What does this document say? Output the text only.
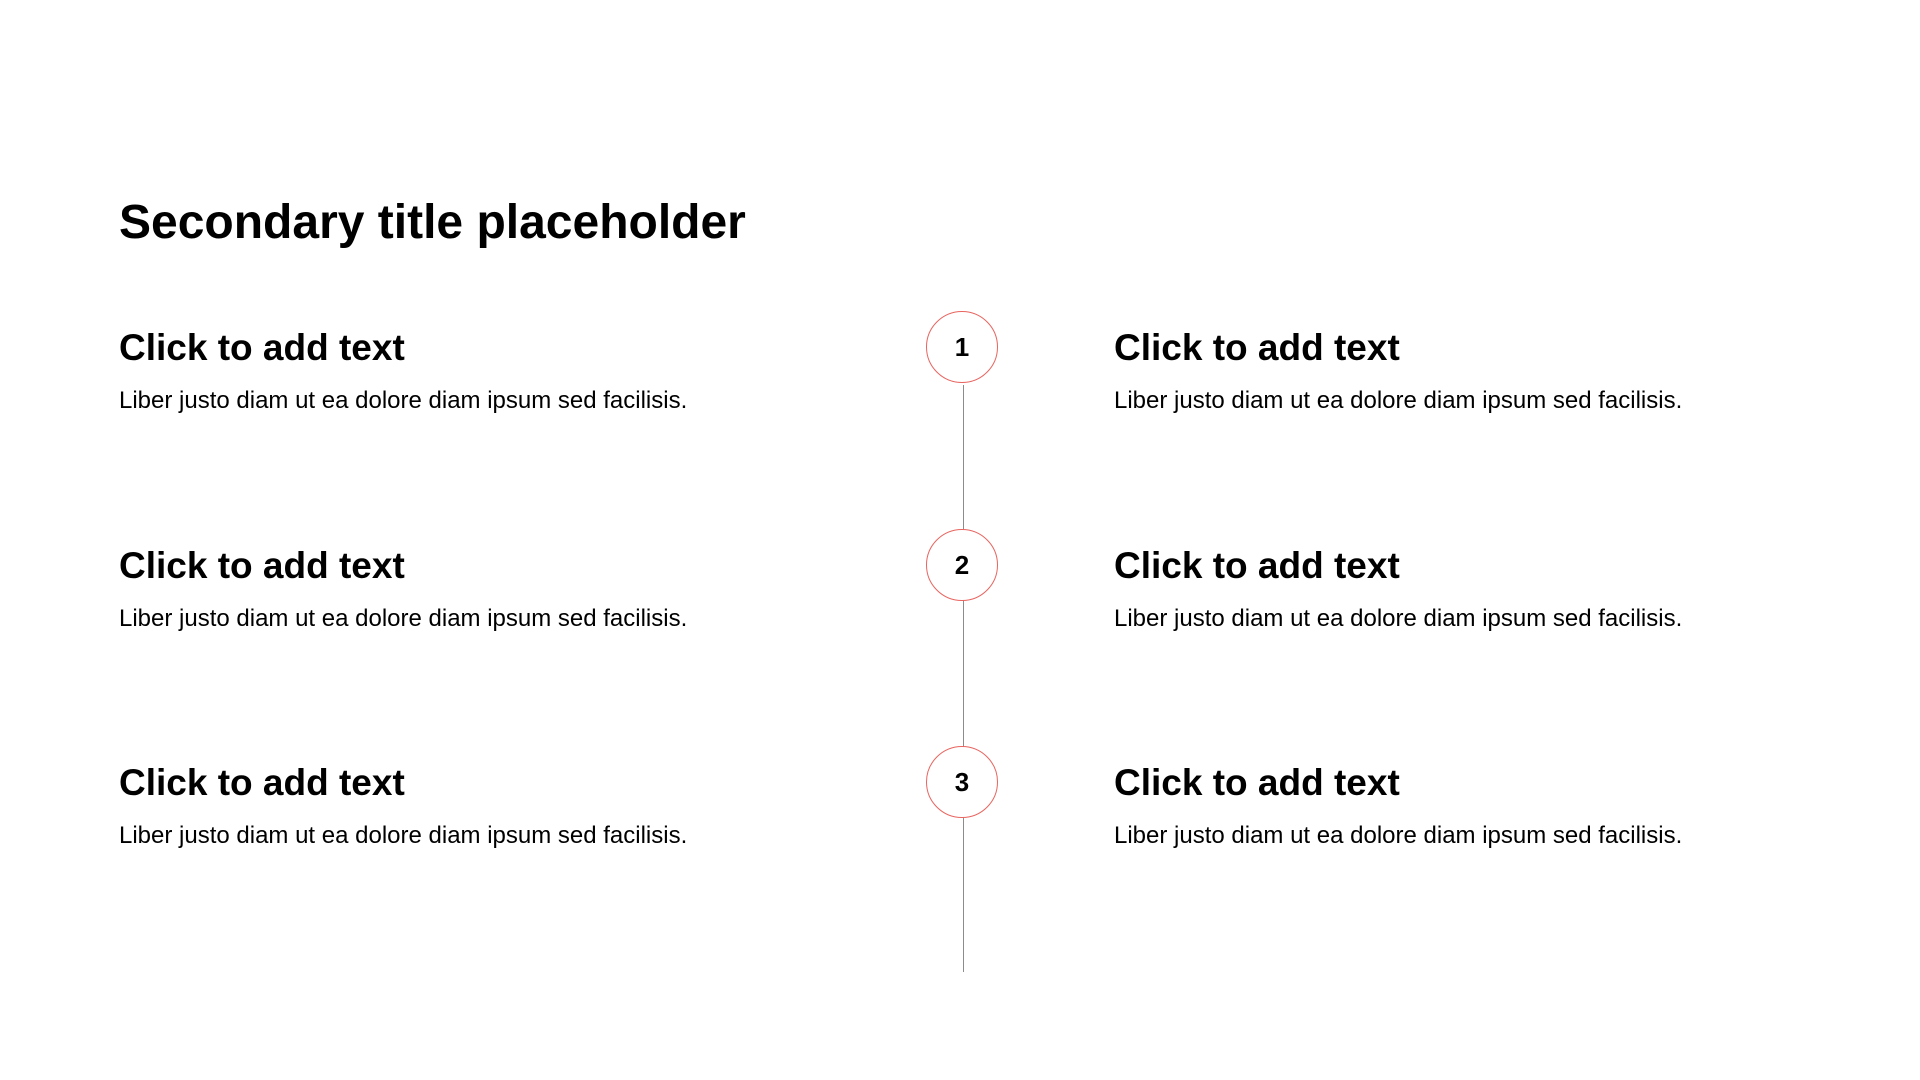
Secondary title placeholder
1
Click to add text

Liber justo diam ut ea dolore diam ipsum sed facilisis.

Click to add text

Liber justo diam ut ea dolore diam ipsum sed facilisis.

2
Click to add text

Liber justo diam ut ea dolore diam ipsum sed facilisis.

Click to add text

Liber justo diam ut ea dolore diam ipsum sed facilisis.

3
Click to add text

Liber justo diam ut ea dolore diam ipsum sed facilisis.

Click to add text

Liber justo diam ut ea dolore diam ipsum sed facilisis.
